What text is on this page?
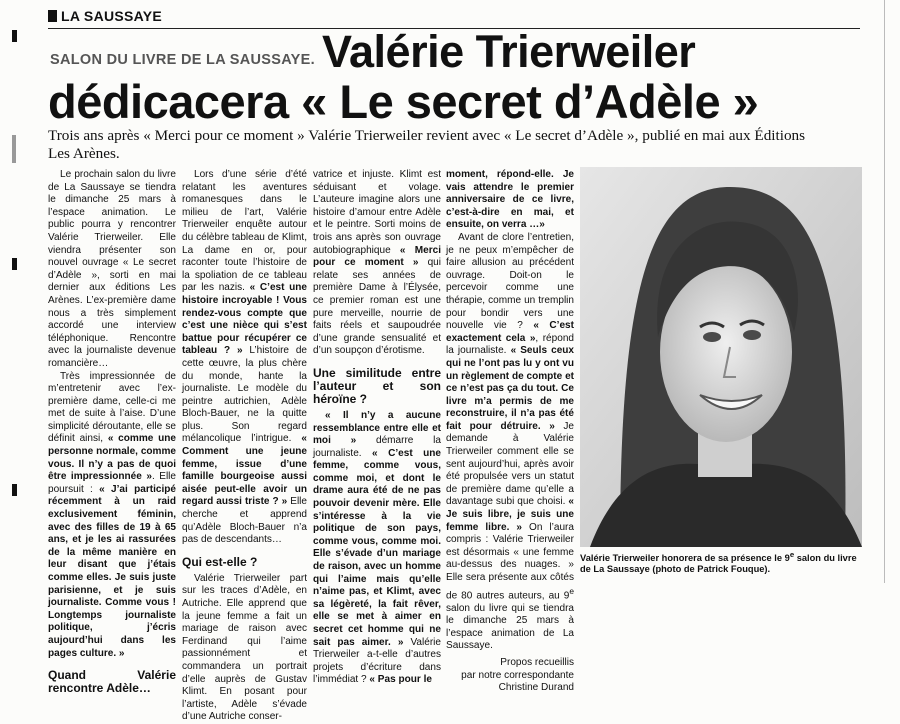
LA SAUSSAYE
SALON DU LIVRE DE LA SAUSSAYE. Valérie Trierweiler
dédicacera « Le secret d’Adèle »
Trois ans après « Merci pour ce moment » Valérie Trierweiler revient avec « Le secret d’Adèle », publié en mai aux Éditions Les Arènes.

Le prochain salon du livre de La Saussaye se tiendra le dimanche 25 mars à l’espace animation. Le public pourra y rencontrer Valérie Trierweiler. Elle viendra présenter son nouvel ouvrage « Le secret d’Adèle », sorti en mai dernier aux éditions Les Arènes. L’ex-première dame nous a très simplement accordé une interview téléphonique. Rencontre avec la journaliste devenue romancière…

Très impressionnée de m’entretenir avec l’ex-première dame, celle-ci me met de suite à l’aise. D’une simplicité déroutante, elle se définit ainsi, « comme une personne normale, comme vous. Il n’y a pas de quoi être impressionnée ». Elle poursuit : « J’ai participé récemment à un raid exclusivement féminin, avec des filles de 19 à 65 ans, et je les ai rassurées de la même manière en leur disant que j’étais comme elles. Je suis juste parisienne, et je suis journaliste. Comme vous ! Longtemps journaliste politique, j’écris aujourd’hui dans les pages culture. »

Quand Valérie rencontre Adèle…

Lors d’une série d’été relatant les aventures romanesques dans le milieu de l’art, Valérie Trierweiler enquête autour du célèbre tableau de Klimt, La dame en or, pour raconter toute l’histoire de la spoliation de ce tableau par les nazis. « C’est une histoire incroyable ! Vous rendez-vous compte que c’est une nièce qui s’est battue pour récupérer ce tableau ? » L’histoire de cette œuvre, la plus chère du monde, hante la journaliste. Le modèle du peintre autrichien, Adèle Bloch-Bauer, ne la quitte plus. Son regard mélancolique l’intrigue. « Comment une jeune femme, issue d’une famille bourgeoise aussi aisée peut-elle avoir un regard aussi triste ? » Elle cherche et apprend qu’Adèle Bloch-Bauer n’a pas de descendants…

Qui est-elle ?

Valérie Trierweiler part sur les traces d’Adèle, en Autriche. Elle apprend que la jeune femme a fait un mariage de raison avec Ferdinand qui l’aime passionnément et commandera un portrait d’elle auprès de Gustav Klimt. En posant pour l’artiste, Adèle s’évade d’une Autriche conser-

vatrice et injuste. Klimt est séduisant et volage. L’auteure imagine alors une histoire d’amour entre Adèle et le peintre. Sorti moins de trois ans après son ouvrage autobiographique « Merci pour ce moment » qui relate ses années de première Dame à l’Élysée, ce premier roman est une pure merveille, nourrie de faits réels et saupoudrée d’une grande sensualité et d’un soupçon d’érotisme.

Une similitude entre l’auteur et son héroïne ?

« Il n’y a aucune ressemblance entre elle et moi » démarre la journaliste. « C’est une femme, comme vous, comme moi, et dont le drame aura été de ne pas pouvoir devenir mère. Elle s’intéresse à la vie politique de son pays, comme vous, comme moi. Elle s’évade d’un mariage de raison, avec un homme qui l’aime mais qu’elle n’aime pas, et Klimt, avec sa légèreté, la fait rêver, elle se met à aimer en secret cet homme qui ne sait pas aimer. » Valérie Trierweiler a-t-elle d’autres projets d’écriture dans l’immédiat ? « Pas pour le

moment, répond-elle. Je vais attendre le premier anniversaire de ce livre, c’est-à-dire en mai, et ensuite, on verra …»

Avant de clore l’entretien, je ne peux m’empêcher de faire allusion au précédent ouvrage. Doit-on le percevoir comme une thérapie, comme un tremplin pour bondir vers une nouvelle vie ? « C’est exactement cela », répond la journaliste. « Seuls ceux qui ne l’ont pas lu y ont vu un règlement de compte et ce n’est pas ça du tout. Ce livre m’a permis de me reconstruire, il n’a pas été fait pour détruire. » Je demande à Valérie Trierweiler comment elle se sent aujourd’hui, après avoir été propulsée vers un statut de première dame qu’elle a davantage subi que choisi. « Je suis libre, je suis une femme libre. » On l’aura compris : Valérie Trierweiler est désormais « une femme au-dessus des nuages. » Elle sera présente aux côtés de 80 autres auteurs, au 9e salon du livre qui se tiendra le dimanche 25 mars à l’espace animation de La Saussaye.

Propos recueillis
par notre correspondante
Christine Durand
Valérie Trierweiler honorera de sa présence le 9e salon du livre de La Saussaye (photo de Patrick Fouque).
